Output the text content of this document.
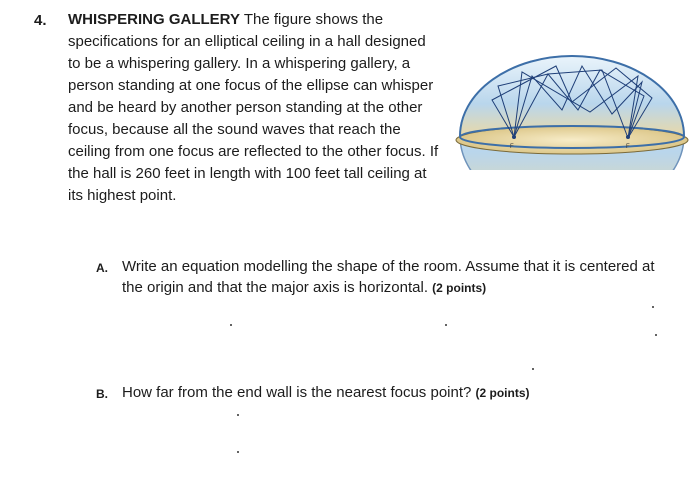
4. WHISPERING GALLERY The figure shows the specifications for an elliptical ceiling in a hall designed to be a whispering gallery. In a whispering gallery, a person standing at one focus of the ellipse can whisper and be heard by another person standing at the other focus, because all the sound waves that reach the ceiling from one focus are reflected to the other focus. If the hall is 260 feet in length with 100 feet tall ceiling at its highest point.

F	F
A. Write an equation modelling the shape of the room. Assume that it is centered at the origin and that the major axis is horizontal. (2 points)
B. How far from the end wall is the nearest focus point? (2 points)
